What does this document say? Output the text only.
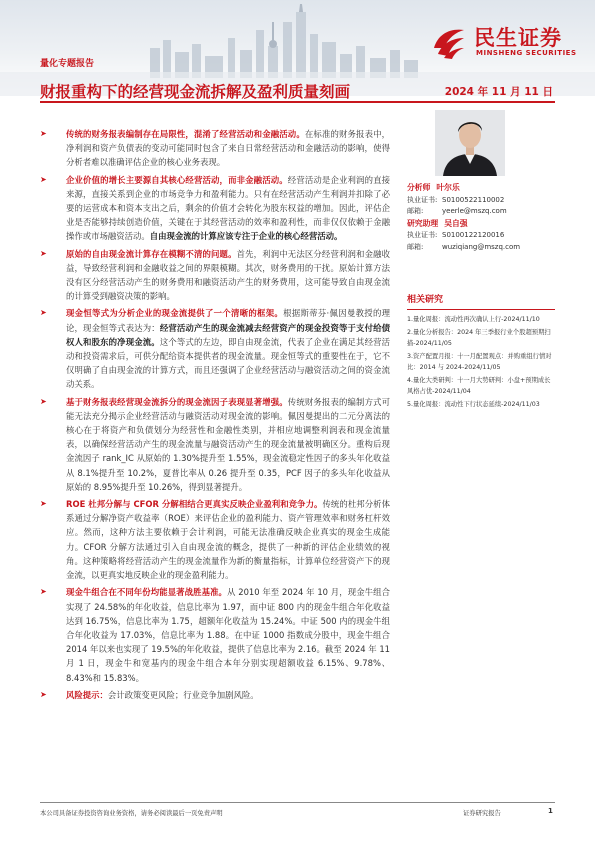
民生证券
MINSHENG SECURITIES
量化专题报告
财报重构下的经营现金流拆解及盈利质量刻画	2024 年 11 月 11 日
➤ 传统的财务报表编制存在局限性，混淆了经营活动和金融活动。在标准的财务报表中，净利润和资产负债表的变动可能同时包含了来自日常经营活动和金融活动的影响，使得分析者难以准确评估企业的核心业务表现。
➤ 企业价值的增长主要源自其核心经营活动，而非金融活动。经营活动是企业利润的直接来源，直接关系到企业的市场竞争力和盈利能力。只有在经营活动产生利润并扣除了必要的运营成本和资本支出之后，剩余的价值才会转化为股东权益的增加。因此，评估企业是否能够持续创造价值，关键在于其经营活动的效率和盈利性，而非仅仅依赖于金融操作或市场融资活动。自由现金流的计算应该专注于企业的核心经营活动。
➤ 原始的自由现金流计算存在模糊不清的问题。首先，利润中无法区分经营利润和金融收益，导致经营利润和金融收益之间的界限模糊。其次，财务费用的干扰。原始计算方法没有区分经营活动产生的财务费用和融资活动产生的财务费用，这可能导致自由现金流的计算受到融资决策的影响。
➤ 现金恒等式为分析企业的现金流提供了一个清晰的框架。根据斯蒂芬·佩因曼教授的理论，现金恒等式表达为：经营活动产生的现金流减去经营资产的现金投资等于支付给债权人和股东的净现金流。这个等式的左边，即自由现金流，代表了企业在满足其经营活动和投资需求后，可供分配给资本提供者的现金流量。现金恒等式的重要性在于，它不仅明确了自由现金流的计算方式，而且还强调了企业经营活动与融资活动之间的资金流动关系。
➤ 基于财务报表经营现金流拆分的现金流因子表现显著增强。传统财务报表的编制方式可能无法充分揭示企业经营活动与融资活动对现金流的影响。佩因曼提出的二元分离法的核心在于将资产和负债划分为经营性和金融性类别，并相应地调整利润表和现金流量表，以确保经营活动产生的现金流量与融资活动产生的现金流量被明确区分。重构后现金流因子 rank_IC 从原始的 1.30%提升至 1.55%，现金流稳定性因子的多头年化收益从 8.1%提升至 10.2%，夏普比率从 0.26 提升至 0.35，PCF 因子的多头年化收益从原始的 8.95%提升至 10.26%，得到显著提升。
➤ ROE 杜邦分解与 CFOR 分解相结合更真实反映企业盈利和竞争力。传统的杜邦分析体系通过分解净资产收益率（ROE）来评估企业的盈利能力、资产管理效率和财务杠杆效应。然而，这种方法主要依赖于会计利润，可能无法准确反映企业真实的现金生成能力。CFOR 分解方法通过引入自由现金流的概念，提供了一种新的评估企业绩效的视角。这种策略将经营活动产生的现金流量作为新的衡量指标，计算单位经营资产下的现金流，以更真实地反映企业的现金盈利能力。
➤ 现金牛组合在不同年份均能显著战胜基准。从 2010 年至 2024 年 10 月，现金牛组合实现了 24.58%的年化收益，信息比率为 1.97，而中证 800 内的现金牛组合年化收益达到 16.75%，信息比率为 1.75，超额年化收益为 15.24%。中证 500 内的现金牛组合年化收益为 17.03%，信息比率为 1.88。在中证 1000 指数成分股中，现金牛组合 2014 年以来也实现了 19.5%的年化收益，提供了信息比率为 2.16。截至 2024 年 11 月 1 日，现金牛和宽基内的现金牛组合本年分别实现超额收益 6.15%、9.78%、8.43%和 15.83%。
➤ 风险提示：会计政策变更风险；行业竞争加剧风险。
分析师 叶尔乐
执业证书: S0100522110002
邮箱:	yeerle@mszq.com
研究助理 吴自强
执业证书: S0100122120016
邮箱:	wuziqiang@mszq.com
相关研究
1.量化周报：流动性再次确认上行-2024/11/10
2.量化分析报告：2024 年三季报行业个股超预期扫描-2024/11/05
3.资产配置月报：十一月配置观点：并购重组行情对比：2014 与 2024-2024/11/05
4.量化大类研判：十一月大势研判：小盘+预期成长风格占优-2024/11/04
5.量化周报：流动性下行状态延续-2024/11/03
本公司具备证券投资咨询业务资格，请务必阅读最后一页免责声明	证券研究报告	1
